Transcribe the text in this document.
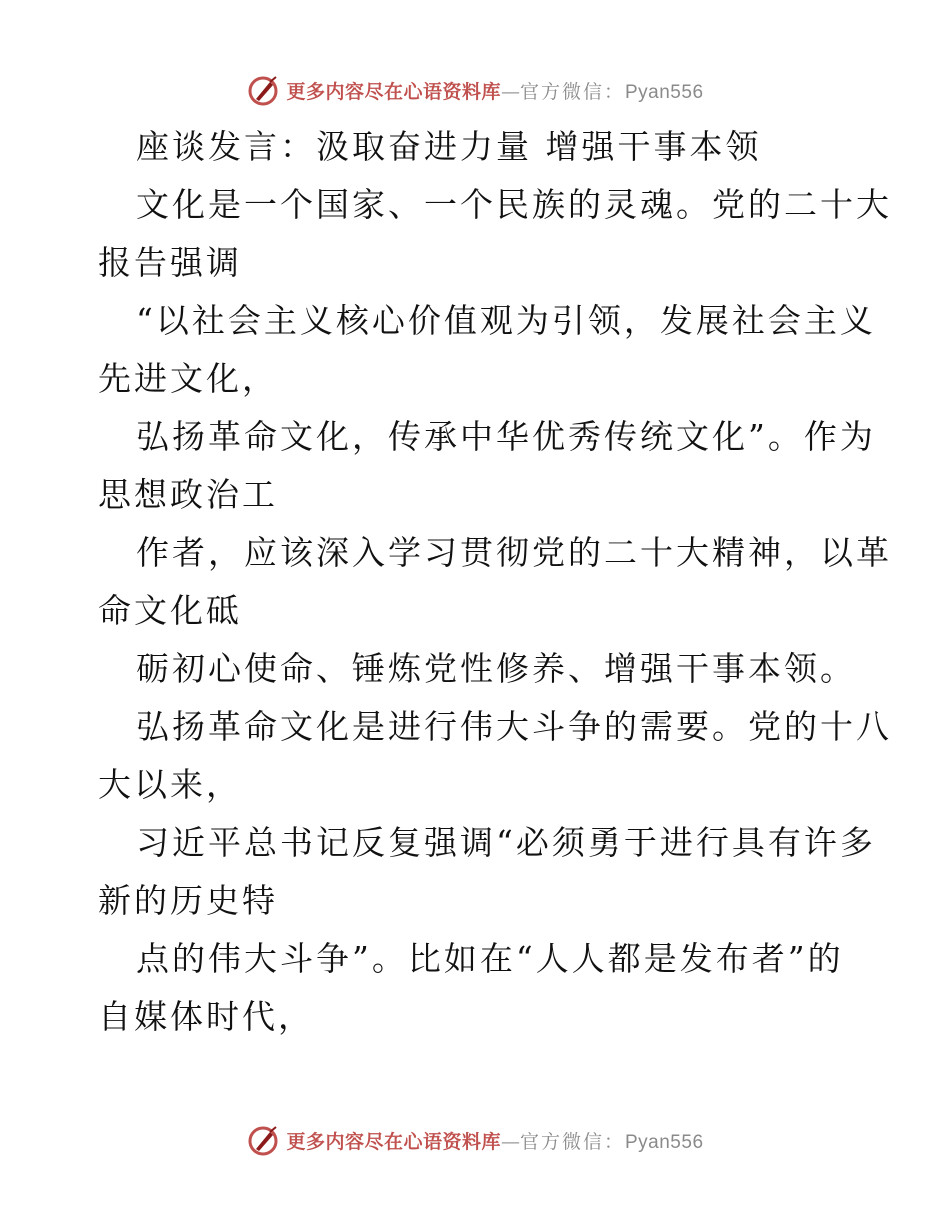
更多内容尽在心语资料库 — 官方微信： Pyan556
座谈发言：汲取奋进力量 增强干事本领
文化是一个国家、一个民族的灵魂。党的二十大
报告强调
“以社会主义核心价值观为引领，发展社会主义
先进文化，
弘扬革命文化，传承中华优秀传统文化”。作为
思想政治工
作者，应该深入学习贯彻党的二十大精神，以革
命文化砥
砺初心使命、锤炼党性修养、增强干事本领。
弘扬革命文化是进行伟大斗争的需要。党的十八
大以来，
习近平总书记反复强调“必须勇于进行具有许多
新的历史特
点的伟大斗争”。比如在“人人都是发布者”的
自媒体时代，
更多内容尽在心语资料库 — 官方微信： Pyan556
